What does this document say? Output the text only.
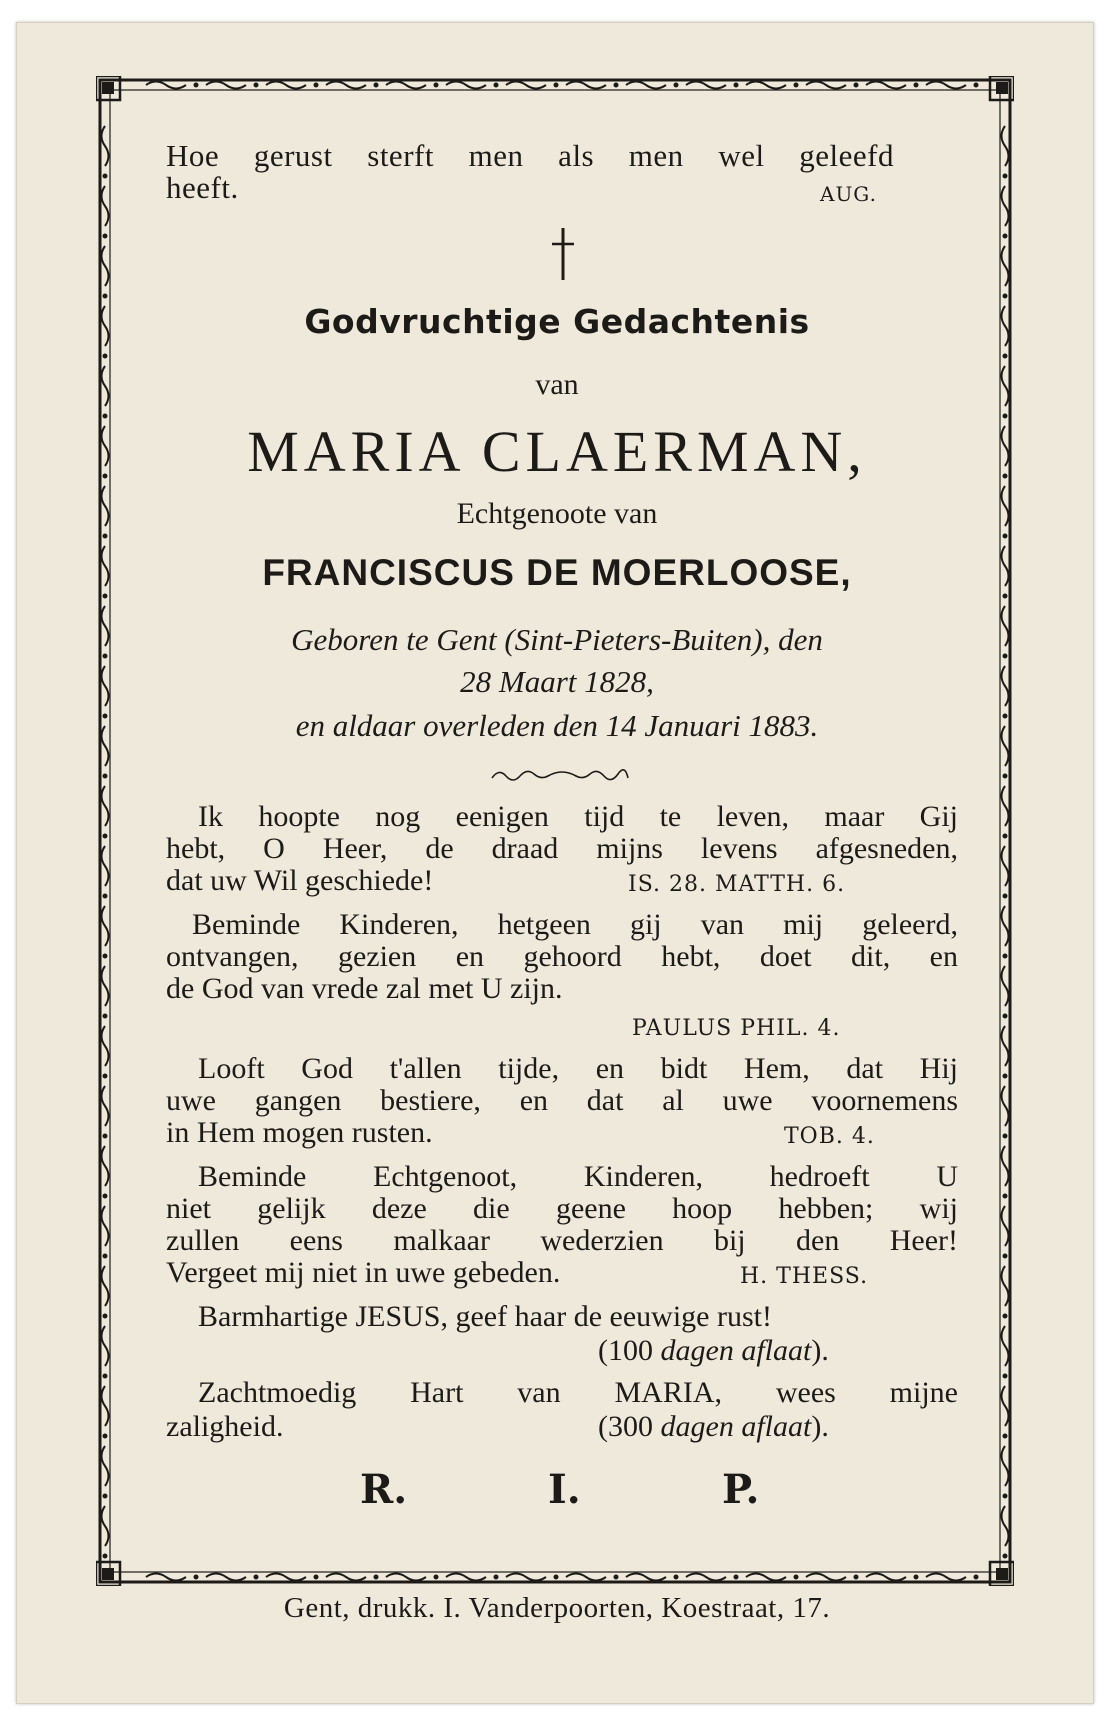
Hoe gerust sterft men als men wel geleefd
heeft.	AUG.
Godvruchtige Gedachtenis
van
MARIA CLAERMAN,
Echtgenoote van
FRANCISCUS DE MOERLOOSE,
Geboren te Gent (Sint-Pieters-Buiten), den
28 Maart 1828,
en aldaar overleden den 14 Januari 1883.
Ik hoopte nog eenigen tijd te leven, maar Gij
hebt, O Heer, de draad mijns levens afgesneden,
dat uw Wil geschiede!	IS. 28. MATTH. 6.
Beminde Kinderen, hetgeen gij van mij geleerd,
ontvangen, gezien en gehoord hebt, doet dit, en
de God van vrede zal met U zijn.
PAULUS PHIL. 4.
Looft God t'allen tijde, en bidt Hem, dat Hij
uwe gangen bestiere, en dat al uwe voornemens
in Hem mogen rusten.	TOB. 4.
Beminde Echtgenoot, Kinderen, hedroeft U
niet gelijk deze die geene hoop hebben; wij
zullen eens malkaar wederzien bij den Heer!
Vergeet mij niet in uwe gebeden.	H. THESS.
Barmhartige JESUS, geef haar de eeuwige rust!
(100 dagen aflaat).
Zachtmoedig Hart van MARIA, wees mijne
zaligheid.	(300 dagen aflaat).
R.	I.	P.
Gent, drukk. I. Vanderpoorten, Koestraat, 17.
